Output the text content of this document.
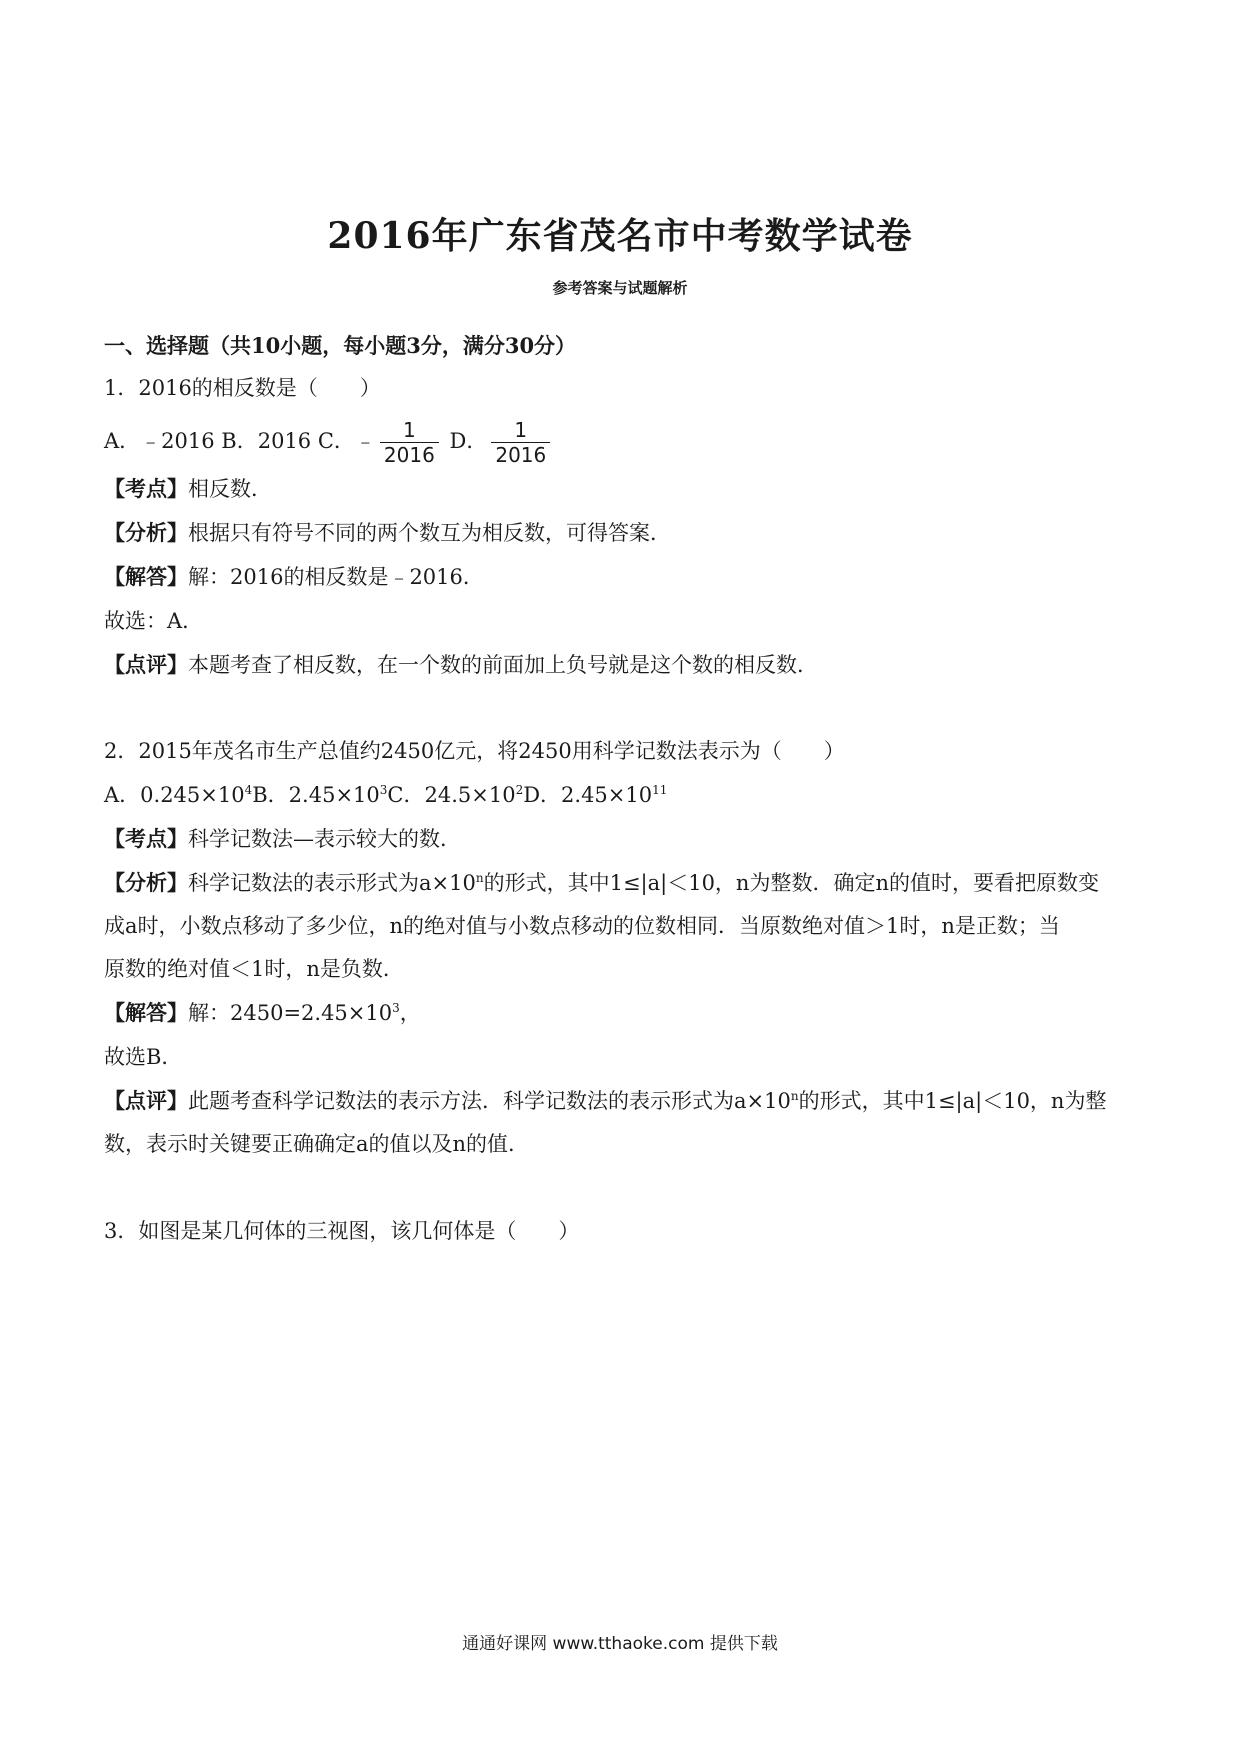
2016年广东省茂名市中考数学试卷
参考答案与试题解析
一、选择题（共10小题，每小题3分，满分30分）
1．2016的相反数是（　　）
A．﹣2016 B．2016 C．﹣ $\frac{1}{2016}$ D． $\frac{1}{2016}$
【考点】相反数．
【分析】根据只有符号不同的两个数互为相反数，可得答案．
【解答】解：2016的相反数是﹣2016．
故选：A．
【点评】本题考查了相反数，在一个数的前面加上负号就是这个数的相反数．
2．2015年茂名市生产总值约2450亿元，将2450用科学记数法表示为（　　）
A．$0.245\times 10^4B$．$2.45\times 10^3C$．$24.5\times 10^2D$．$2.45\times 10^{11}$
【考点】科学记数法—表示较大的数．
【分析】科学记数法的表示形式为$a\times 10^n$的形式，其中1≤|a|＜10，n为整数．确定n的值时，要看把原数变
成a时，小数点移动了多少位，n的绝对值与小数点移动的位数相同．当原数绝对值＞1时，n是正数；当
原数的绝对值＜1时，n是负数．
【解答】解：$2450=2.45\times 10^3$，
故选B．
【点评】此题考查科学记数法的表示方法．科学记数法的表示形式为$a\times 10^n$的形式，其中1≤|a|＜10，n为整
数，表示时关键要正确确定a的值以及n的值．
3．如图是某几何体的三视图，该几何体是（　　）
通通好课网 www.tthaoke.com 提供下载
